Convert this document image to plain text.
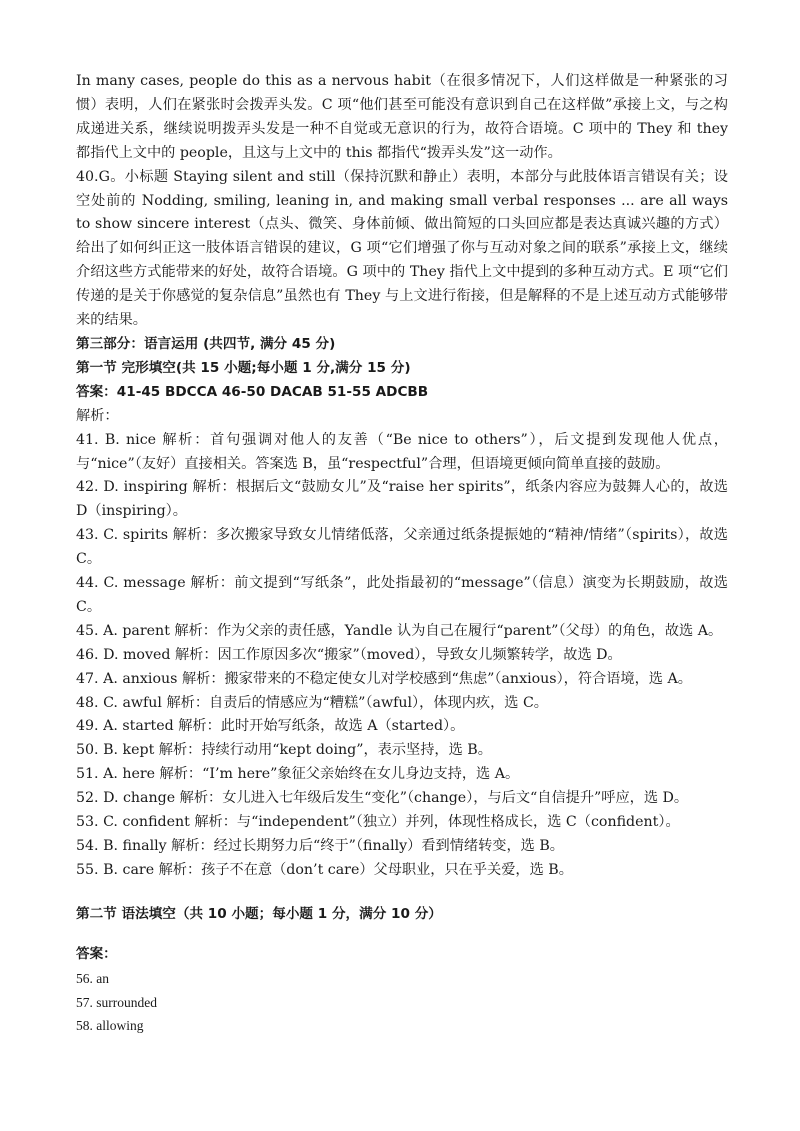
In many cases, people do this as a nervous habit（在很多情况下，人们这样做是一种紧张的习惯）表明，人们在紧张时会拨弄头发。C 项“他们甚至可能没有意识到自己在这样做”承接上文，与之构成递进关系，继续说明拨弄头发是一种不自觉或无意识的行为，故符合语境。C 项中的 They 和 they 都指代上文中的 people，且这与上文中的 this 都指代“拨弄头发”这一动作。

40.G。小标题 Staying silent and still（保持沉默和静止）表明，本部分与此肢体语言错误有关；设空处前的 Nodding, smiling, leaning in, and making small verbal responses ... are all ways to show sincere interest（点头、微笑、身体前倾、做出简短的口头回应都是表达真诚兴趣的方式）给出了如何纠正这一肢体语言错误的建议，G 项“它们增强了你与互动对象之间的联系”承接上文，继续介绍这些方式能带来的好处，故符合语境。G 项中的 They 指代上文中提到的多种互动方式。E 项“它们传递的是关于你感觉的复杂信息”虽然也有 They 与上文进行衔接，但是解释的不是上述互动方式能够带来的结果。

第三部分：语言运用 (共四节, 满分 45 分)

第一节 完形填空(共 15 小题;每小题 1 分,满分 15 分)

答案：41-45 BDCCA 46-50 DACAB 51-55 ADCBB

解析：

41. B. nice 解析：首句强调对他人的友善（“Be nice to others”），后文提到发现他人优点，与“nice”（友好）直接相关。答案选 B，虽“respectful”合理，但语境更倾向简单直接的鼓励。

42. D. inspiring 解析：根据后文“鼓励女儿”及“raise her spirits”，纸条内容应为鼓舞人心的，故选 D（inspiring）。

43. C. spirits 解析：多次搬家导致女儿情绪低落，父亲通过纸条提振她的“精神/情绪”（spirits），故选 C。

44. C. message 解析：前文提到“写纸条”，此处指最初的“message”（信息）演变为长期鼓励，故选 C。

45. A. parent 解析：作为父亲的责任感，Yandle 认为自己在履行“parent”（父母）的角色，故选 A。

46. D. moved 解析：因工作原因多次“搬家”（moved），导致女儿频繁转学，故选 D。

47. A. anxious 解析：搬家带来的不稳定使女儿对学校感到“焦虑”（anxious），符合语境，选 A。

48. C. awful 解析：自责后的情感应为“糟糕”（awful），体现内疚，选 C。

49. A. started 解析：此时开始写纸条，故选 A（started）。

50. B. kept 解析：持续行动用“kept doing”，表示坚持，选 B。

51. A. here 解析：“I’m here”象征父亲始终在女儿身边支持，选 A。

52. D. change 解析：女儿进入七年级后发生“变化”（change），与后文“自信提升”呼应，选 D。

53. C. confident 解析：与“independent”（独立）并列，体现性格成长，选 C（confident）。

54. B. finally 解析：经过长期努力后“终于”（finally）看到情绪转变，选 B。

55. B. care 解析：孩子不在意（don’t care）父母职业，只在乎关爱，选 B。

第二节 语法填空（共 10 小题；每小题 1 分，满分 10 分）

答案：

56. an

57. surrounded

58. allowing
